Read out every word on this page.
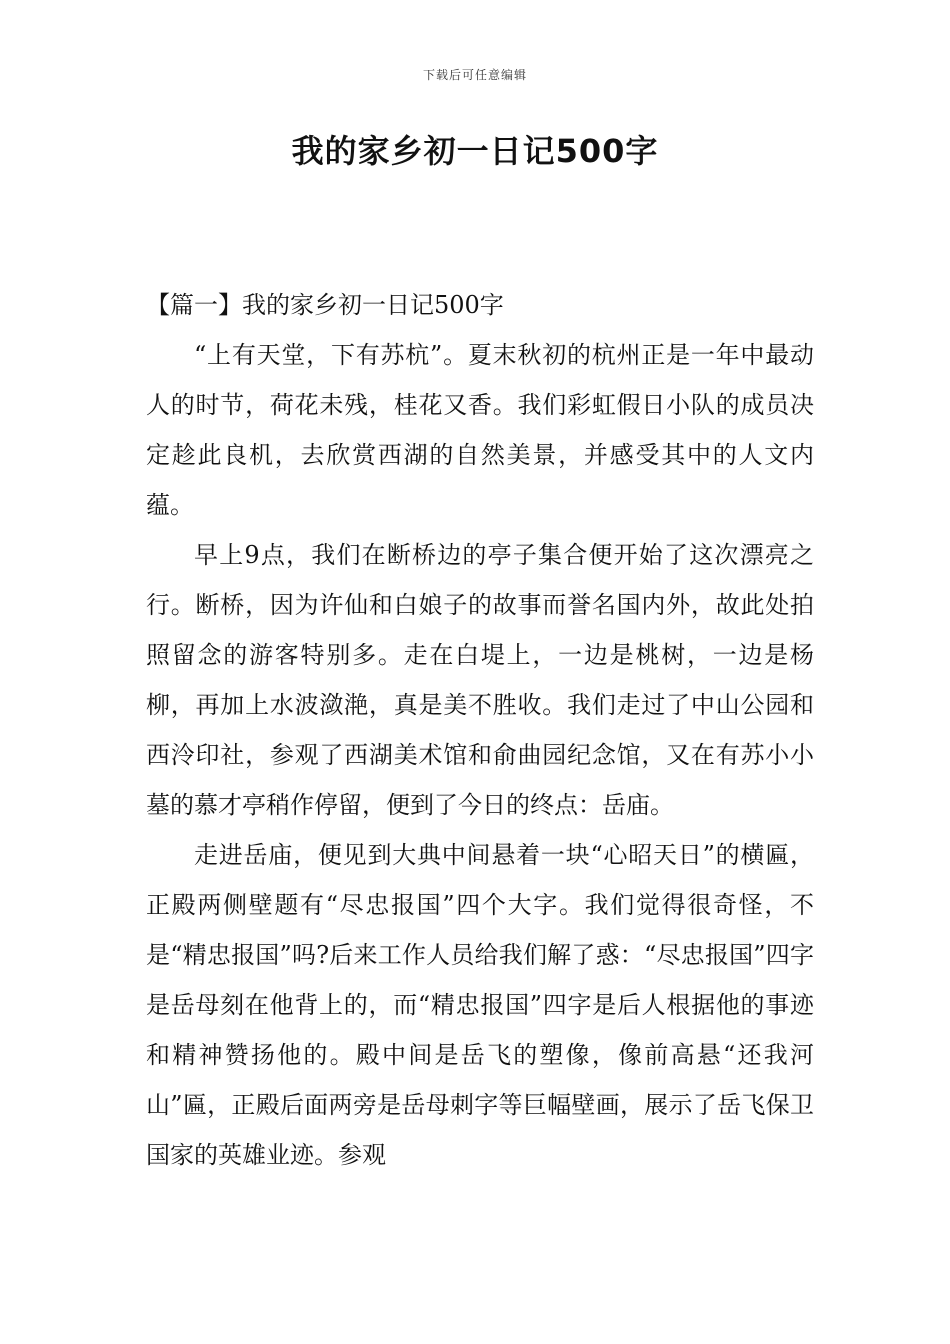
下载后可任意编辑
我的家乡初一日记500字
【篇一】我的家乡初一日记500字

“上有天堂，下有苏杭”。夏末秋初的杭州正是一年中最动人的时节，荷花未残，桂花又香。我们彩虹假日小队的成员决定趁此良机，去欣赏西湖的自然美景，并感受其中的人文内蕴。

早上9点，我们在断桥边的亭子集合便开始了这次漂亮之行。断桥，因为许仙和白娘子的故事而誉名国内外，故此处拍照留念的游客特别多。走在白堤上，一边是桃树，一边是杨柳，再加上水波潋滟，真是美不胜收。我们走过了中山公园和西泠印社，参观了西湖美术馆和俞曲园纪念馆，又在有苏小小墓的慕才亭稍作停留，便到了今日的终点：岳庙。

走进岳庙，便见到大典中间悬着一块“心昭天日”的横匾，正殿两侧壁题有“尽忠报国”四个大字。我们觉得很奇怪，不是“精忠报国”吗?后来工作人员给我们解了惑：“尽忠报国”四字是岳母刻在他背上的，而“精忠报国”四字是后人根据他的事迹和精神赞扬他的。殿中间是岳飞的塑像，像前高悬“还我河山”匾，正殿后面两旁是岳母刺字等巨幅壁画，展示了岳飞保卫国家的英雄业迹。参观
